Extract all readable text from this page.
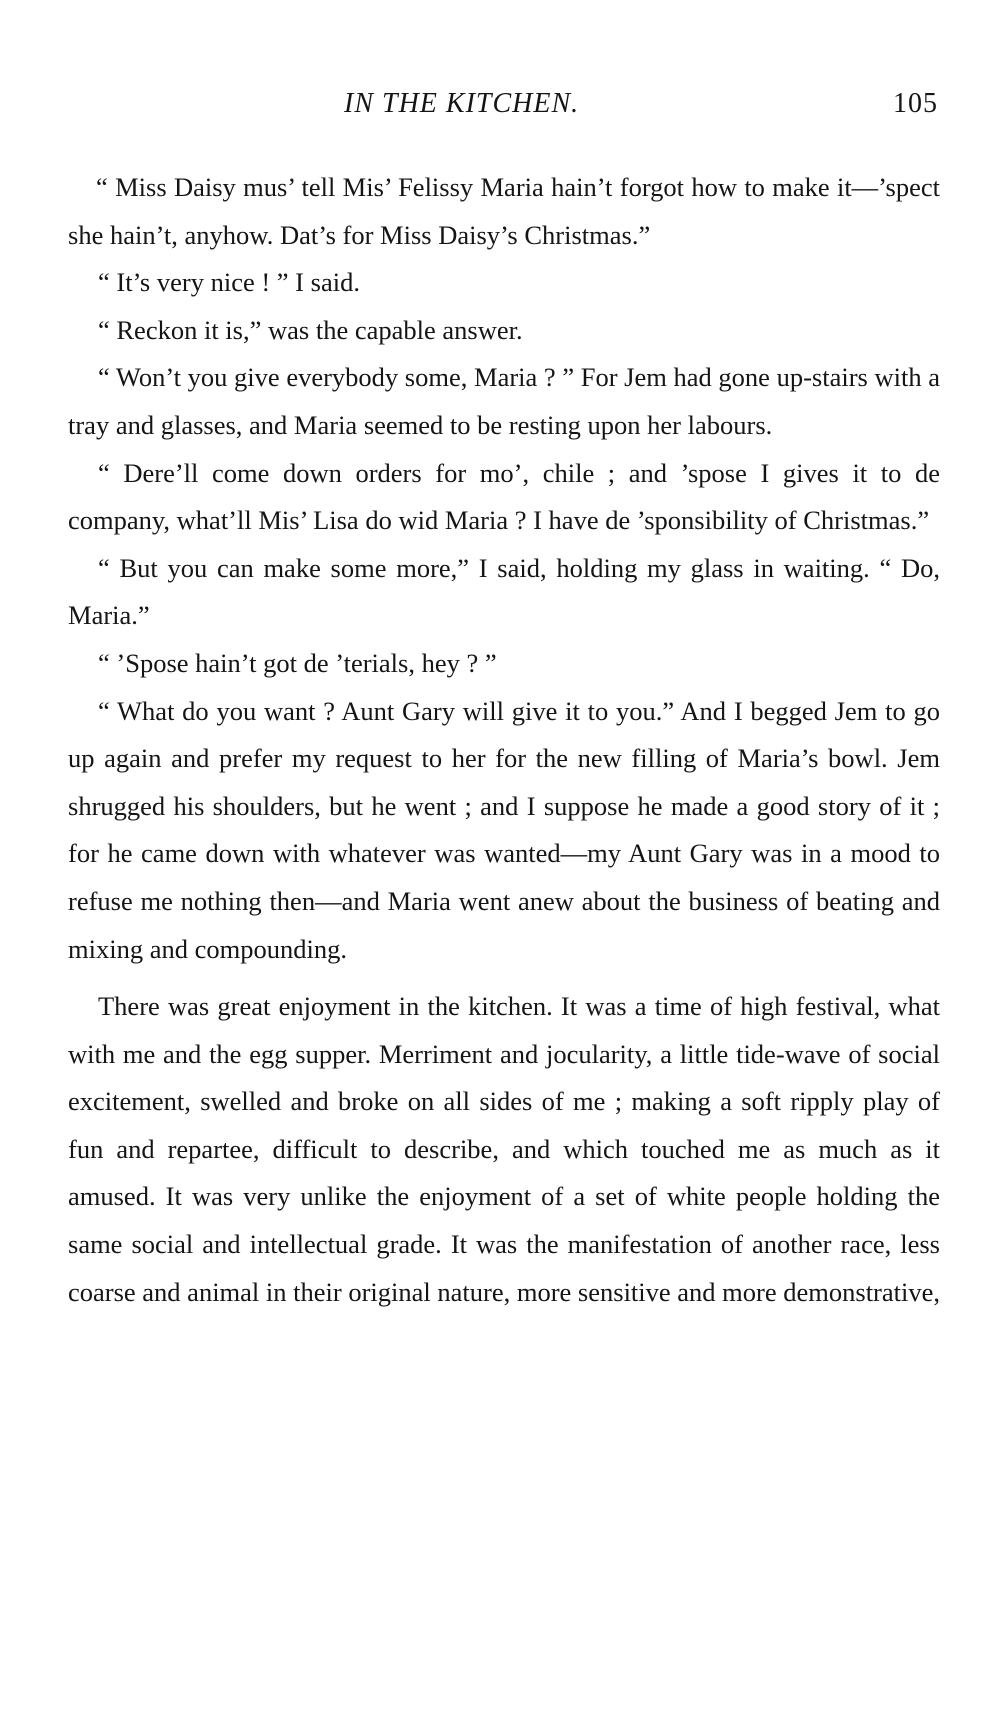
IN THE KITCHEN.	105

“ Miss Daisy mus’ tell Mis’ Felissy Maria hain’t forgot how to make it—’spect she hain’t, anyhow. Dat’s for Miss Daisy’s Christmas.”

“ It’s very nice ! ” I said.

“ Reckon it is,” was the capable answer.

“ Won’t you give everybody some, Maria ? ” For Jem had gone up-stairs with a tray and glasses, and Maria seemed to be resting upon her labours.

“ Dere’ll come down orders for mo’, chile ; and ’spose I gives it to de company, what’ll Mis’ Lisa do wid Maria ? I have de ’sponsibility of Christmas.”

“ But you can make some more,” I said, holding my glass in waiting. “ Do, Maria.”

“ ’Spose hain’t got de ’terials, hey ? ”

“ What do you want ? Aunt Gary will give it to you.” And I begged Jem to go up again and prefer my request to her for the new filling of Maria’s bowl. Jem shrugged his shoulders, but he went ; and I suppose he made a good story of it ; for he came down with whatever was wanted—my Aunt Gary was in a mood to refuse me nothing then—and Maria went anew about the business of beating and mixing and compounding.

There was great enjoyment in the kitchen. It was a time of high festival, what with me and the egg supper. Merriment and jocularity, a little tide-wave of social excitement, swelled and broke on all sides of me ; making a soft ripply play of fun and repartee, difficult to describe, and which touched me as much as it amused. It was very unlike the enjoyment of a set of white people holding the same social and intellectual grade. It was the manifestation of another race, less coarse and animal in their original nature, more sensitive and more demonstrative,
